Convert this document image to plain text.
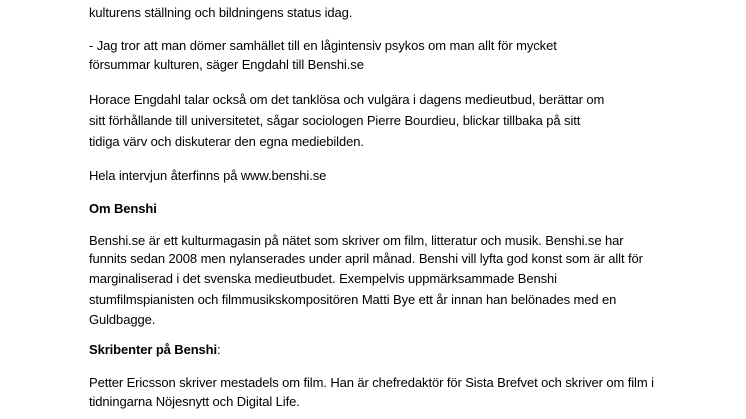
kulturens ställning och bildningens status idag.
- Jag tror att man dömer samhället till en lågintensiv psykos om man allt för mycket
försummar kulturen, säger Engdahl till Benshi.se
Horace Engdahl talar också om det tanklösa och vulgära i dagens medieutbud, berättar om
sitt förhållande till universitetet, sågar sociologen Pierre Bourdieu, blickar tillbaka på sitt
tidiga värv och diskuterar den egna mediebilden.
Hela intervjun återfinns på www.benshi.se
Om Benshi
Benshi.se är ett kulturmagasin på nätet som skriver om film, litteratur och musik. Benshi.se har
funnits sedan 2008 men nylanserades under april månad. Benshi vill lyfta god konst som är allt för
marginaliserad i det svenska medieutbudet. Exempelvis uppmärksammade Benshi
stumfilmspianisten och filmmusikskompositören Matti Bye ett år innan han belönades med en
Guldbagge.
Skribenter på Benshi:
Petter Ericsson skriver mestadels om film. Han är chefredaktör för Sista Brefvet och skriver om film i
tidningarna Nöjesnytt och Digital Life.
